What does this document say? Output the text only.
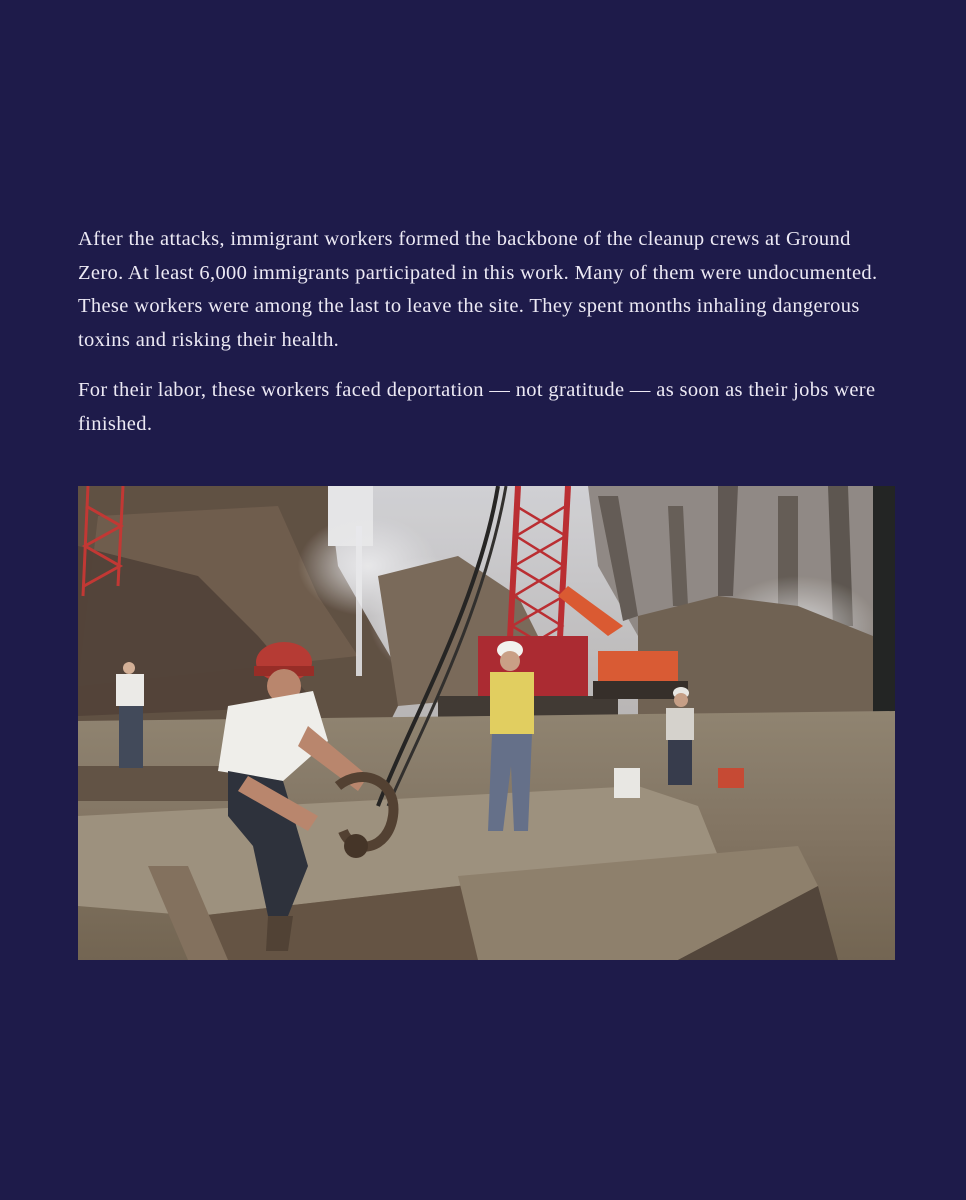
After the attacks, immigrant workers formed the backbone of the cleanup crews at Ground Zero. At least 6,000 immigrants participated in this work. Many of them were undocumented. These workers were among the last to leave the site. They spent months inhaling dangerous toxins and risking their health.

For their labor, these workers faced deportation — not gratitude — as soon as their jobs were finished.
